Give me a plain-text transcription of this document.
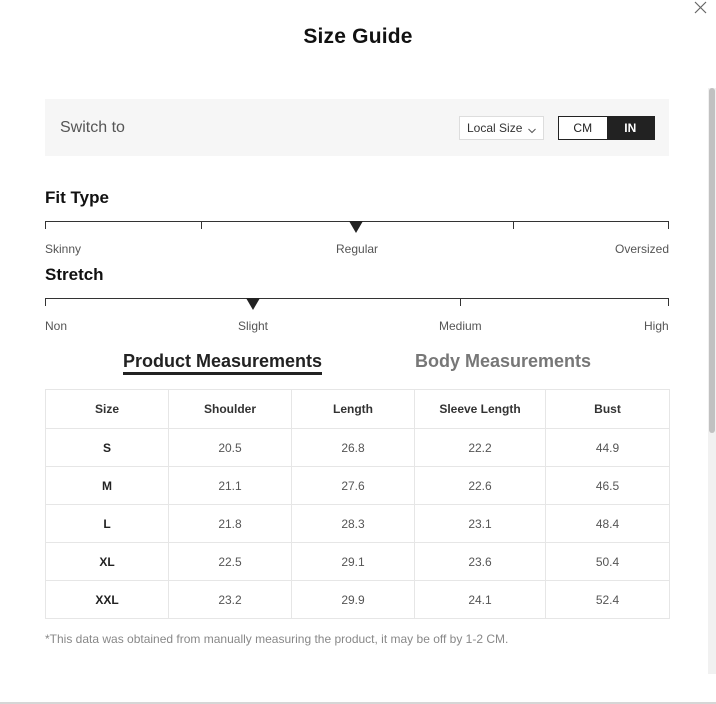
Size Guide
Switch to	Local Size	CM	IN
Fit Type
Skinny	Regular	Oversized
Stretch
Non	Slight	Medium	High
Product Measurements	Body Measurements
Size	Shoulder	Length	Sleeve Length	Bust
S	20.5	26.8	22.2	44.9
M	21.1	27.6	22.6	46.5
L	21.8	28.3	23.1	48.4
XL	22.5	29.1	23.6	50.4
XXL	23.2	29.9	24.1	52.4
*This data was obtained from manually measuring the product, it may be off by 1-2 CM.
